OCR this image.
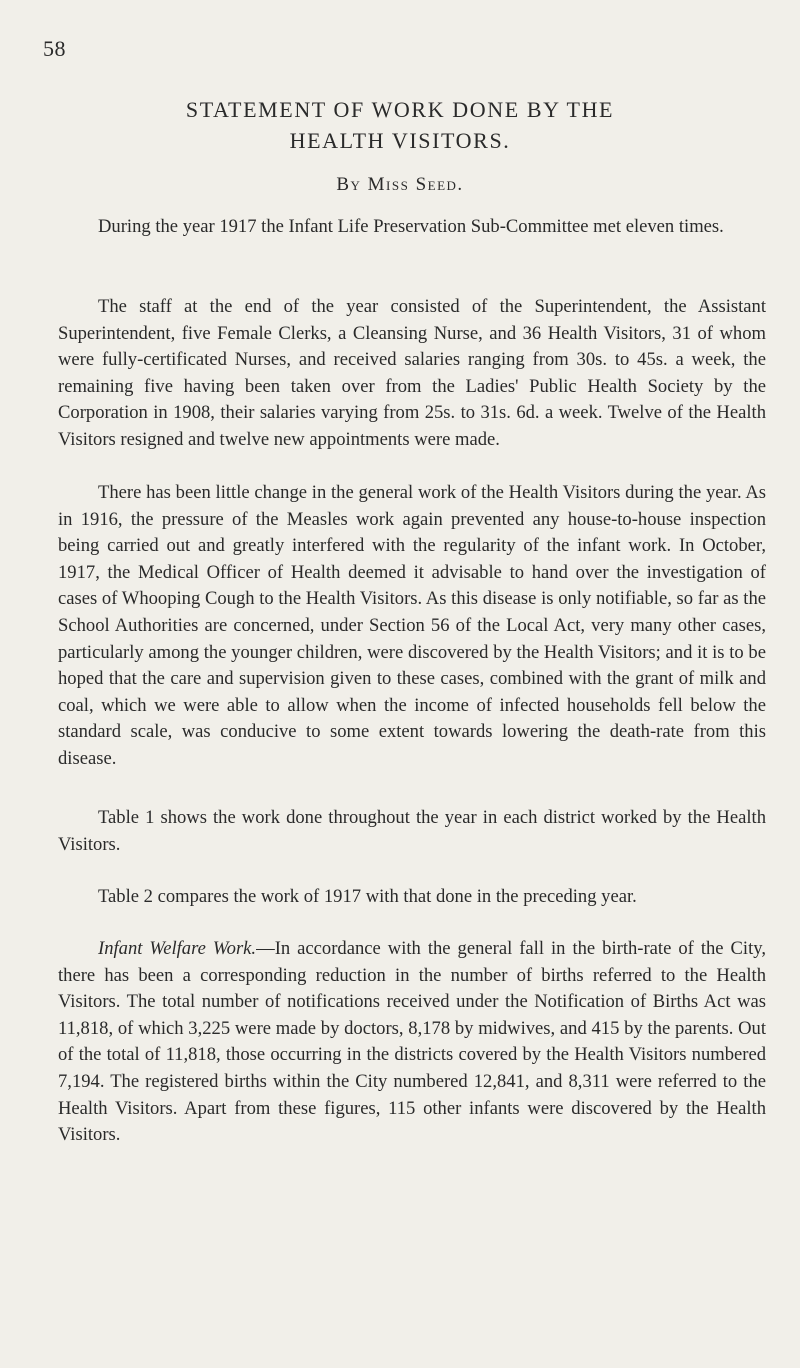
58
STATEMENT OF WORK DONE BY THE
HEALTH VISITORS.
By Miss Seed.

During the year 1917 the Infant Life Preservation Sub-Committee met eleven times.

The staff at the end of the year consisted of the Superintendent, the Assistant Superintendent, five Female Clerks, a Cleansing Nurse, and 36 Health Visitors, 31 of whom were fully-certificated Nurses, and received salaries ranging from 30s. to 45s. a week, the remaining five having been taken over from the Ladies' Public Health Society by the Corporation in 1908, their salaries varying from 25s. to 31s. 6d. a week. Twelve of the Health Visitors resigned and twelve new appointments were made.

There has been little change in the general work of the Health Visitors during the year. As in 1916, the pressure of the Measles work again prevented any house-to-house inspection being carried out and greatly interfered with the regularity of the infant work. In October, 1917, the Medical Officer of Health deemed it advisable to hand over the investigation of cases of Whooping Cough to the Health Visitors. As this disease is only notifiable, so far as the School Authorities are concerned, under Section 56 of the Local Act, very many other cases, particularly among the younger children, were discovered by the Health Visitors; and it is to be hoped that the care and supervision given to these cases, combined with the grant of milk and coal, which we were able to allow when the income of infected households fell below the standard scale, was conducive to some extent towards lowering the death-rate from this disease.

Table 1 shows the work done throughout the year in each district worked by the Health Visitors.

Table 2 compares the work of 1917 with that done in the preceding year.

Infant Welfare Work.—In accordance with the general fall in the birth-rate of the City, there has been a corresponding reduction in the number of births referred to the Health Visitors. The total number of notifications received under the Notification of Births Act was 11,818, of which 3,225 were made by doctors, 8,178 by midwives, and 415 by the parents. Out of the total of 11,818, those occurring in the districts covered by the Health Visitors numbered 7,194. The registered births within the City numbered 12,841, and 8,311 were referred to the Health Visitors. Apart from these figures, 115 other infants were discovered by the Health Visitors.
